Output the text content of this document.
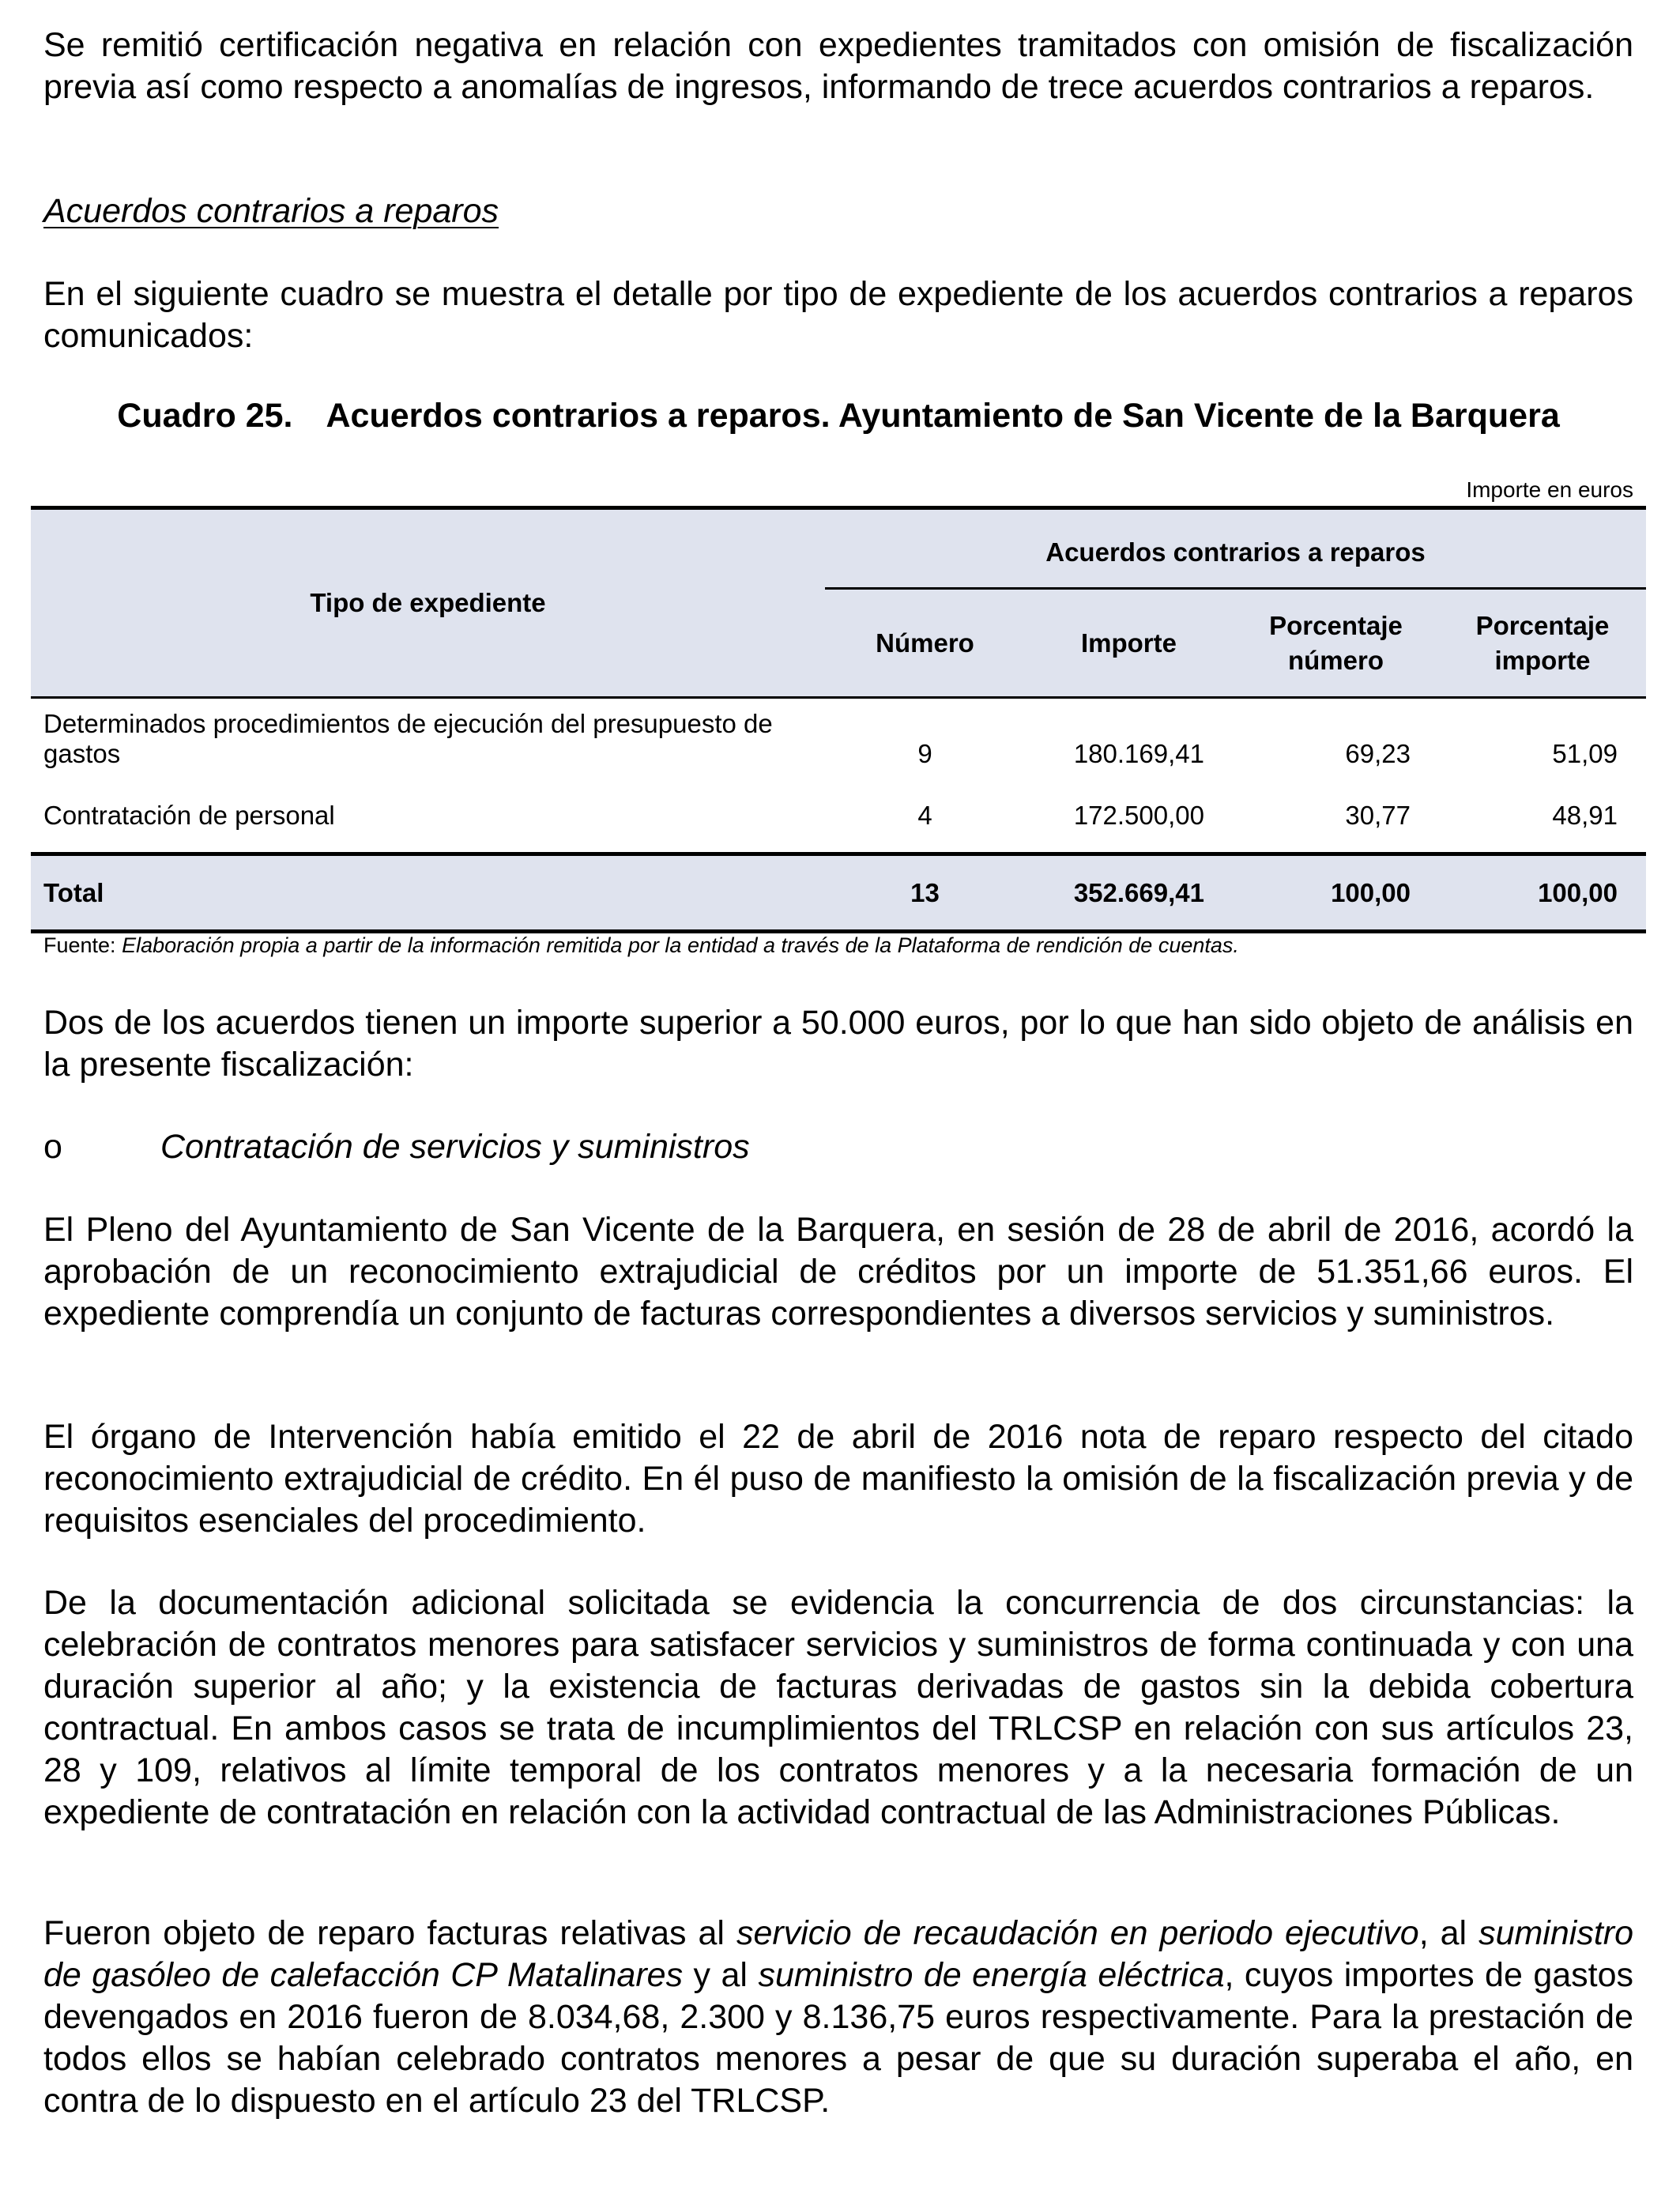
Se remitió certificación negativa en relación con expedientes tramitados con omisión de fiscalización previa así como respecto a anomalías de ingresos, informando de trece acuerdos contrarios a reparos.

Acuerdos contrarios a reparos

En el siguiente cuadro se muestra el detalle por tipo de expediente de los acuerdos contrarios a reparos comunicados:

Cuadro 25. Acuerdos contrarios a reparos. Ayuntamiento de San Vicente de la Barquera
Importe en euros
Tipo de expediente	Acuerdos contrarios a reparos			
	Número	Importe	Porcentaje número	Porcentaje importe
Determinados procedimientos de ejecución del presupuesto de gastos	9	180.169,41	69,23	51,09
Contratación de personal	4	172.500,00	30,77	48,91
Total	13	352.669,41	100,00	100,00
Fuente: Elaboración propia a partir de la información remitida por la entidad a través de la Plataforma de rendición de cuentas.

Dos de los acuerdos tienen un importe superior a 50.000 euros, por lo que han sido objeto de análisis en la presente fiscalización:

o	Contratación de servicios y suministros

El Pleno del Ayuntamiento de San Vicente de la Barquera, en sesión de 28 de abril de 2016, acordó la aprobación de un reconocimiento extrajudicial de créditos por un importe de 51.351,66 euros. El expediente comprendía un conjunto de facturas correspondientes a diversos servicios y suministros.

El órgano de Intervención había emitido el 22 de abril de 2016 nota de reparo respecto del citado reconocimiento extrajudicial de crédito. En él puso de manifiesto la omisión de la fiscalización previa y de requisitos esenciales del procedimiento.

De la documentación adicional solicitada se evidencia la concurrencia de dos circunstancias: la celebración de contratos menores para satisfacer servicios y suministros de forma continuada y con una duración superior al año; y la existencia de facturas derivadas de gastos sin la debida cobertura contractual. En ambos casos se trata de incumplimientos del TRLCSP en relación con sus artículos 23, 28 y 109, relativos al límite temporal de los contratos menores y a la necesaria formación de un expediente de contratación en relación con la actividad contractual de las Administraciones Públicas.

Fueron objeto de reparo facturas relativas al servicio de recaudación en periodo ejecutivo, al suministro de gasóleo de calefacción CP Matalinares y al suministro de energía eléctrica, cuyos importes de gastos devengados en 2016 fueron de 8.034,68, 2.300 y 8.136,75 euros respectivamente. Para la prestación de todos ellos se habían celebrado contratos menores a pesar de que su duración superaba el año, en contra de lo dispuesto en el artículo 23 del TRLCSP.
